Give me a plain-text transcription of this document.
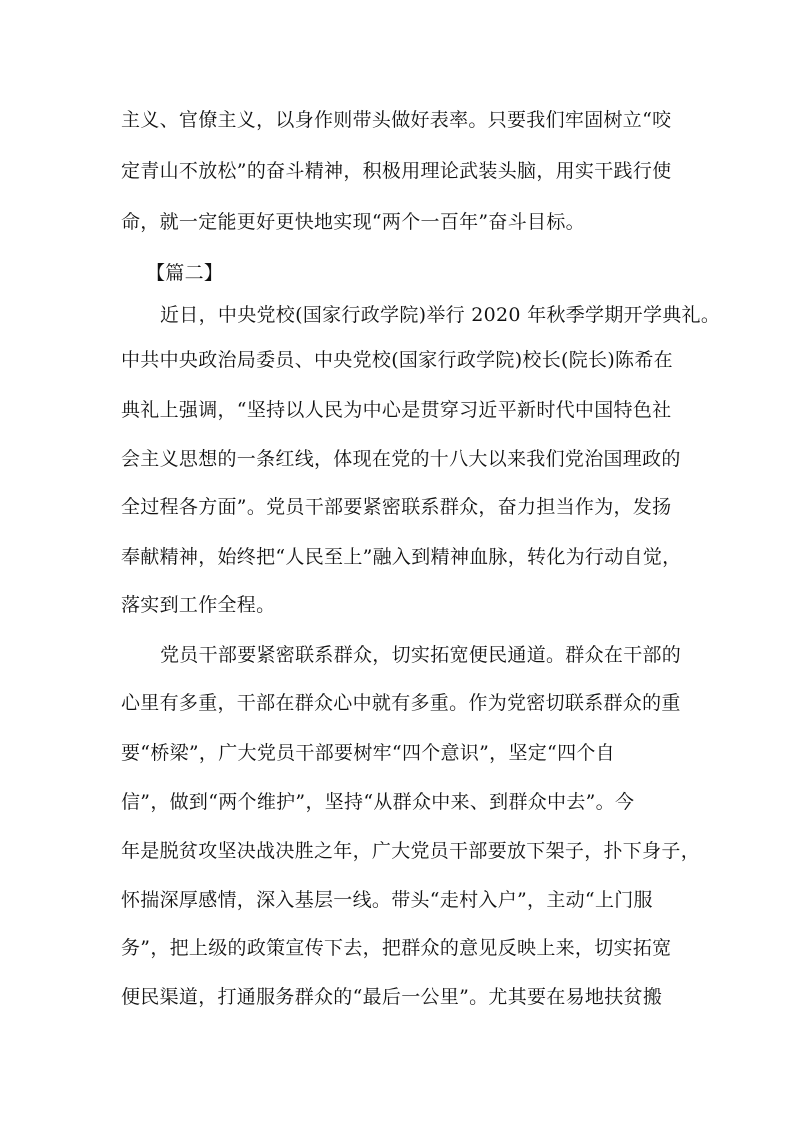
主义、官僚主义，以身作则带头做好表率。只要我们牢固树立“咬
定青山不放松”的奋斗精神，积极用理论武装头脑，用实干践行使
命，就一定能更好更快地实现“两个一百年”奋斗目标。
【篇二】
近日，中央党校(国家行政学院)举行 2020 年秋季学期开学典礼。
中共中央政治局委员、中央党校(国家行政学院)校长(院长)陈希在
典礼上强调，“坚持以人民为中心是贯穿习近平新时代中国特色社
会主义思想的一条红线，体现在党的十八大以来我们党治国理政的
全过程各方面”。党员干部要紧密联系群众，奋力担当作为，发扬
奉献精神，始终把“人民至上”融入到精神血脉，转化为行动自觉，
落实到工作全程。
党员干部要紧密联系群众，切实拓宽便民通道。群众在干部的
心里有多重，干部在群众心中就有多重。作为党密切联系群众的重
要“桥梁”，广大党员干部要树牢“四个意识”，坚定“四个自
信”，做到“两个维护”，坚持“从群众中来、到群众中去”。今
年是脱贫攻坚决战决胜之年，广大党员干部要放下架子，扑下身子，
怀揣深厚感情，深入基层一线。带头“走村入户”，主动“上门服
务”，把上级的政策宣传下去，把群众的意见反映上来，切实拓宽
便民渠道，打通服务群众的“最后一公里”。尤其要在易地扶贫搬
